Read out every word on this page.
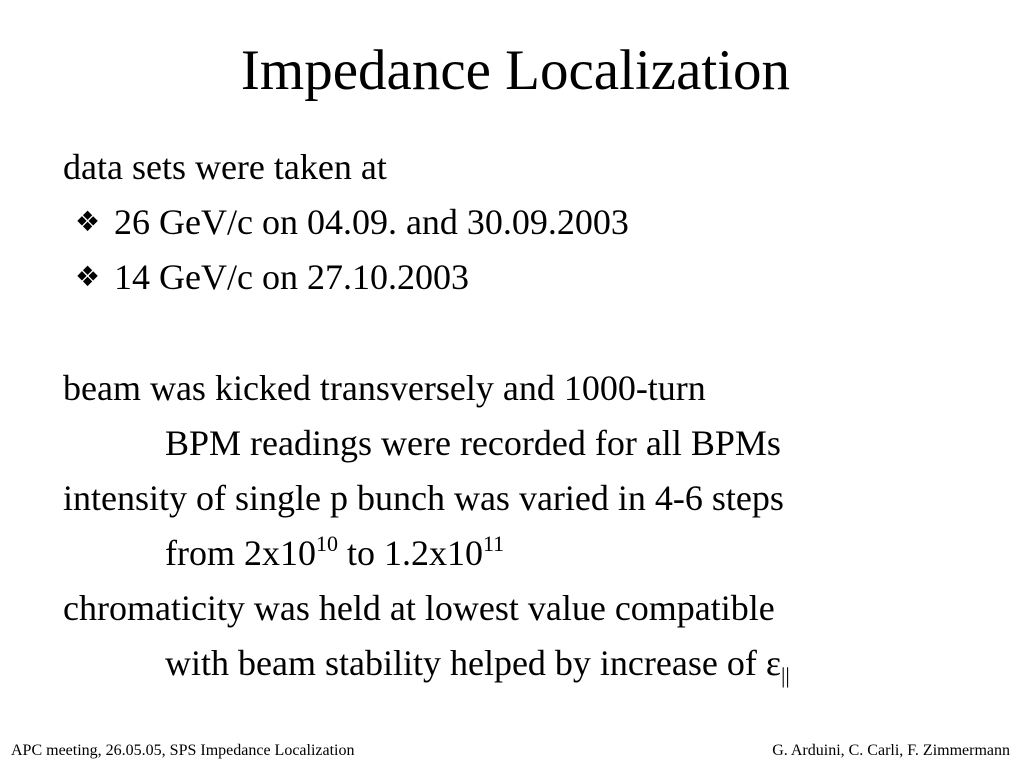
Impedance Localization
data sets were taken at
❖ 26 GeV/c on 04.09. and 30.09.2003
❖ 14 GeV/c on 27.10.2003
beam was kicked transversely and 1000-turn
BPM readings were recorded for all BPMs
intensity of single p bunch was varied in 4-6 steps
from $2x10^{10}$ to $1.2x10^{11}$
chromaticity was held at lowest value compatible
with beam stability helped by increase of $\varepsilon_{||}$
APC meeting, 26.05.05, SPS Impedance Localization	G. Arduini, C. Carli, F. Zimmermann
